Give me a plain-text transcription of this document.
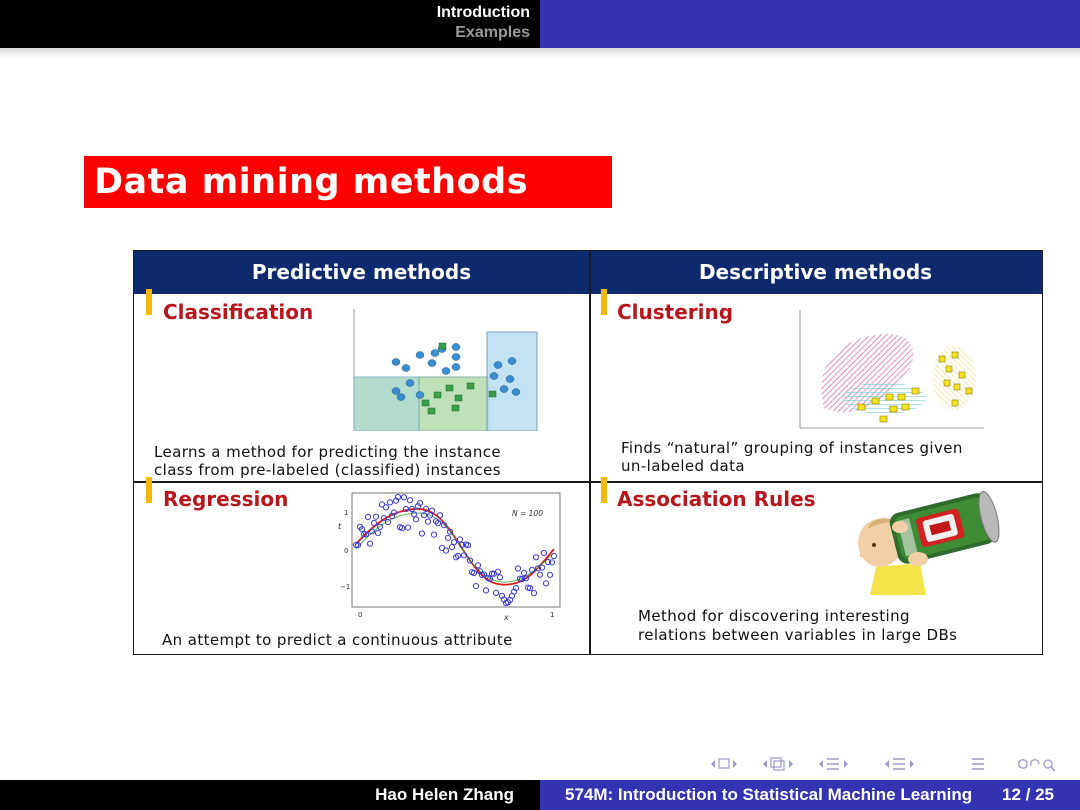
Introduction
Examples
Data mining methods
Predictive methods	Descriptive methods
Classification
Learns a method for predicting the instance
class from pre-labeled (classified) instances
Clustering
Finds “natural” grouping of instances given
un-labeled data
Regression
t
1
0
−1
N = 100
0	x	1
An attempt to predict a continuous attribute
Association Rules
Method for discovering interesting
relations between variables in large DBs
Hao Helen Zhang	574M: Introduction to Statistical Machine Learning 12 / 25
